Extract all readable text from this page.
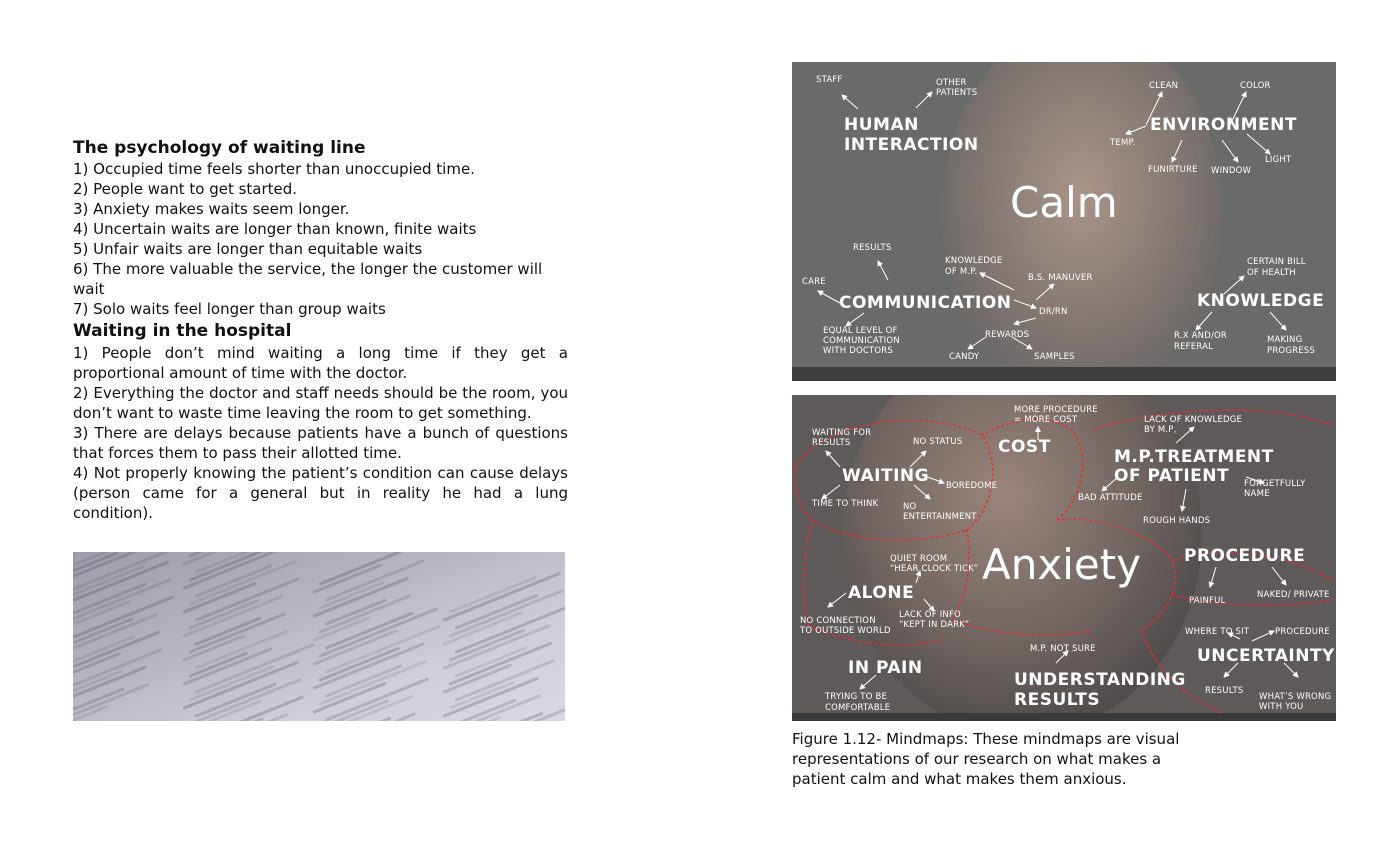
The psychology of waiting line
1) Occupied time feels shorter than unoccupied time.
2) People want to get started.
3) Anxiety makes waits seem longer.
4) Uncertain waits are longer than known, finite waits
5) Unfair waits are longer than equitable waits
6) The more valuable the service, the longer the customer will wait
7) Solo waits feel longer than group waits
Waiting in the hospital
1) People don’t mind waiting a long time if they get a proportional amount of time with the doctor.
2) Everything the doctor and staff needs should be the room, you don’t want to waste time leaving the room to get something.
3) There are delays because patients have a bunch of questions that forces them to pass their allotted time.
4) Not properly knowing the patient’s condition can cause delays (person came for a general but in reality he had a lung condition).
Calm
STAFF	OTHER
PATIENTS
HUMAN
INTERACTION
CLEAN	COLOR
ENVIRONMENT
TEMP.
LIGHT
FUNIRTURE WINDOW
RESULTS
KNOWLEDGE
OF M.P.
B.S. MANUVER
CARE
COMMUNICATION	DR/RN
EQUAL LEVEL OF
COMMUNICATION
WITH DOCTORS
REWARDS
CANDY	SAMPLES
CERTAIN BILL
OF HEALTH
KNOWLEDGE
R.X AND/OR
REFERAL
MAKING
PROGRESS
Anxiety
WAITING FOR
RESULTS	NO STATUS
WAITING BOREDOME
TIME TO THINK	NO
ENTERTAINMENT
MORE PROCEDURE
= MORE COST
COST
LACK OF KNOWLEDGE
BY M.P,
M.P.TREATMENT
OF PATIENT FORGETFULLY
NAME
BAD ATTITUDE
ROUGH HANDS
PROCEDURE
PAINFUL
NAKED/ PRIVATE
QUIET ROOM
“HEAR CLOCK TICK”
ALONE
LACK OF INFO
“KEPT IN DARK”
NO CONNECTION
TO OUTSIDE WORLD	WHERE TO SIT	PROCEDURE
UNCERTAINTY
RESULTS
WHAT’S WRONG
WITH YOU
IN PAIN
TRYING TO BE
COMFORTABLE
M.P. NOT SURE
UNDERSTANDING
RESULTS
Figure 1.12- Mindmaps: These mindmaps are visual
representations of our research on what makes a
patient calm and what makes them anxious.
